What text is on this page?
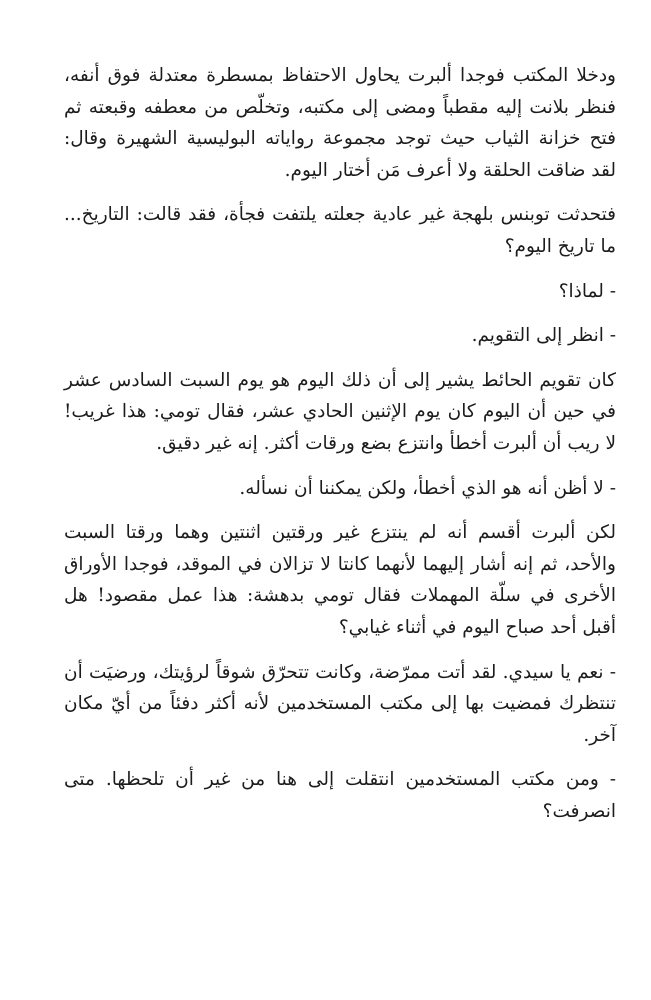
ودخلا المكتب فوجدا ألبرت يحاول الاحتفاظ بمسطرة معتدلة فوق أنفه، فنظر بلانت إليه مقطباً ومضى إلى مكتبه، وتخلّص من معطفه وقبعته ثم فتح خزانة الثياب حيث توجد مجموعة رواياته البوليسية الشهيرة وقال: لقد ضاقت الحلقة ولا أعرف مَن أختار اليوم.

فتحدثت توبنس بلهجة غير عادية جعلته يلتفت فجأة، فقد قالت: التاريخ... ما تاريخ اليوم؟

- لماذا؟

- انظر إلى التقويم.

كان تقويم الحائط يشير إلى أن ذلك اليوم هو يوم السبت السادس عشر في حين أن اليوم كان يوم الإثنين الحادي عشر، فقال تومي: هذا غريب! لا ريب أن ألبرت أخطأ وانتزع بضع ورقات أكثر. إنه غير دقيق.

- لا أظن أنه هو الذي أخطأ، ولكن يمكننا أن نسأله.

لكن ألبرت أقسم أنه لم ينتزع غير ورقتين اثنتين وهما ورقتا السبت والأحد، ثم إنه أشار إليهما لأنهما كانتا لا تزالان في الموقد، فوجدا الأوراق الأخرى في سلّة المهملات فقال تومي بدهشة: هذا عمل مقصود! هل أقبل أحد صباح اليوم في أثناء غيابي؟

- نعم يا سيدي. لقد أتت ممرّضة، وكانت تتحرّق شوقاً لرؤيتك، ورضيَت أن تنتظرك فمضيت بها إلى مكتب المستخدمين لأنه أكثر دفئاً من أيّ مكان آخر.

- ومن مكتب المستخدمين انتقلت إلى هنا من غير أن تلحظها. متى انصرفت؟
